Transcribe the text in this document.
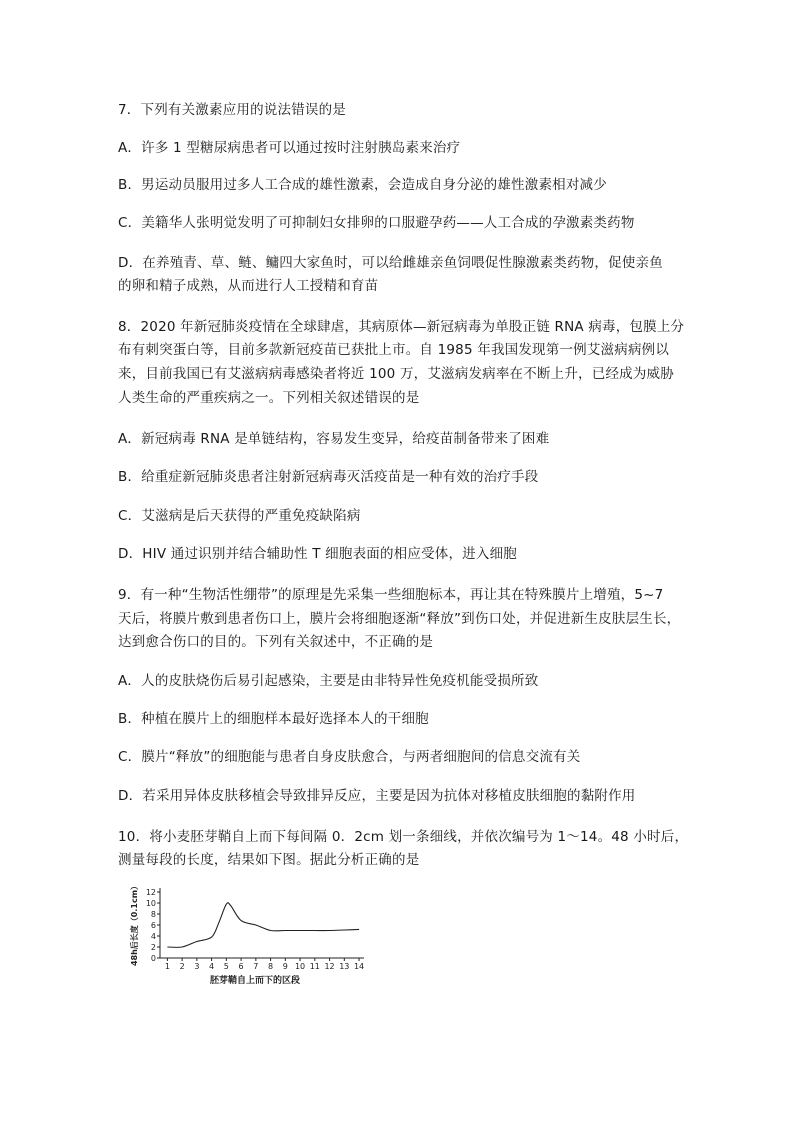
7．下列有关激素应用的说法错误的是
A．许多 1 型糖尿病患者可以通过按时注射胰岛素来治疗
B．男运动员服用过多人工合成的雄性激素，会造成自身分泌的雄性激素相对减少
C．美籍华人张明觉发明了可抑制妇女排卵的口服避孕药——人工合成的孕激素类药物
D．在养殖青、草、鲢、鳙四大家鱼时，可以给雌雄亲鱼饲喂促性腺激素类药物，促使亲鱼
的卵和精子成熟，从而进行人工授精和育苗
8．2020 年新冠肺炎疫情在全球肆虐，其病原体—新冠病毒为单股正链 RNA 病毒，包膜上分
布有刺突蛋白等，目前多款新冠疫苗已获批上市。自 1985 年我国发现第一例艾滋病病例以
来，目前我国已有艾滋病病毒感染者将近 100 万，艾滋病发病率在不断上升，已经成为威胁
人类生命的严重疾病之一。下列相关叙述错误的是
A．新冠病毒 RNA 是单链结构，容易发生变异，给疫苗制备带来了困难
B．给重症新冠肺炎患者注射新冠病毒灭活疫苗是一种有效的治疗手段
C．艾滋病是后天获得的严重免疫缺陷病
D．HIV 通过识别并结合辅助性 T 细胞表面的相应受体，进入细胞
9．有一种“生物活性绷带”的原理是先采集一些细胞标本，再让其在特殊膜片上增殖，5~7
天后，将膜片敷到患者伤口上，膜片会将细胞逐渐“释放”到伤口处，并促进新生皮肤层生长，
达到愈合伤口的目的。下列有关叙述中，不正确的是
A．人的皮肤烧伤后易引起感染，主要是由非特异性免疫机能受损所致
B．种植在膜片上的细胞样本最好选择本人的干细胞
C．膜片“释放”的细胞能与患者自身皮肤愈合，与两者细胞间的信息交流有关
D．若采用异体皮肤移植会导致排异反应，主要是因为抗体对移植皮肤细胞的黏附作用
10．将小麦胚芽鞘自上而下每间隔 0．2cm 划一条细线，并依次编号为 1～14。48 小时后，
测量每段的长度，结果如下图。据此分析正确的是
0
2
4
6
8
10
12
1 2 3 4 5 6 7 8 9 10 11 12 13 14
48h后长度（0.1cm）
胚芽鞘自上而下的区段
